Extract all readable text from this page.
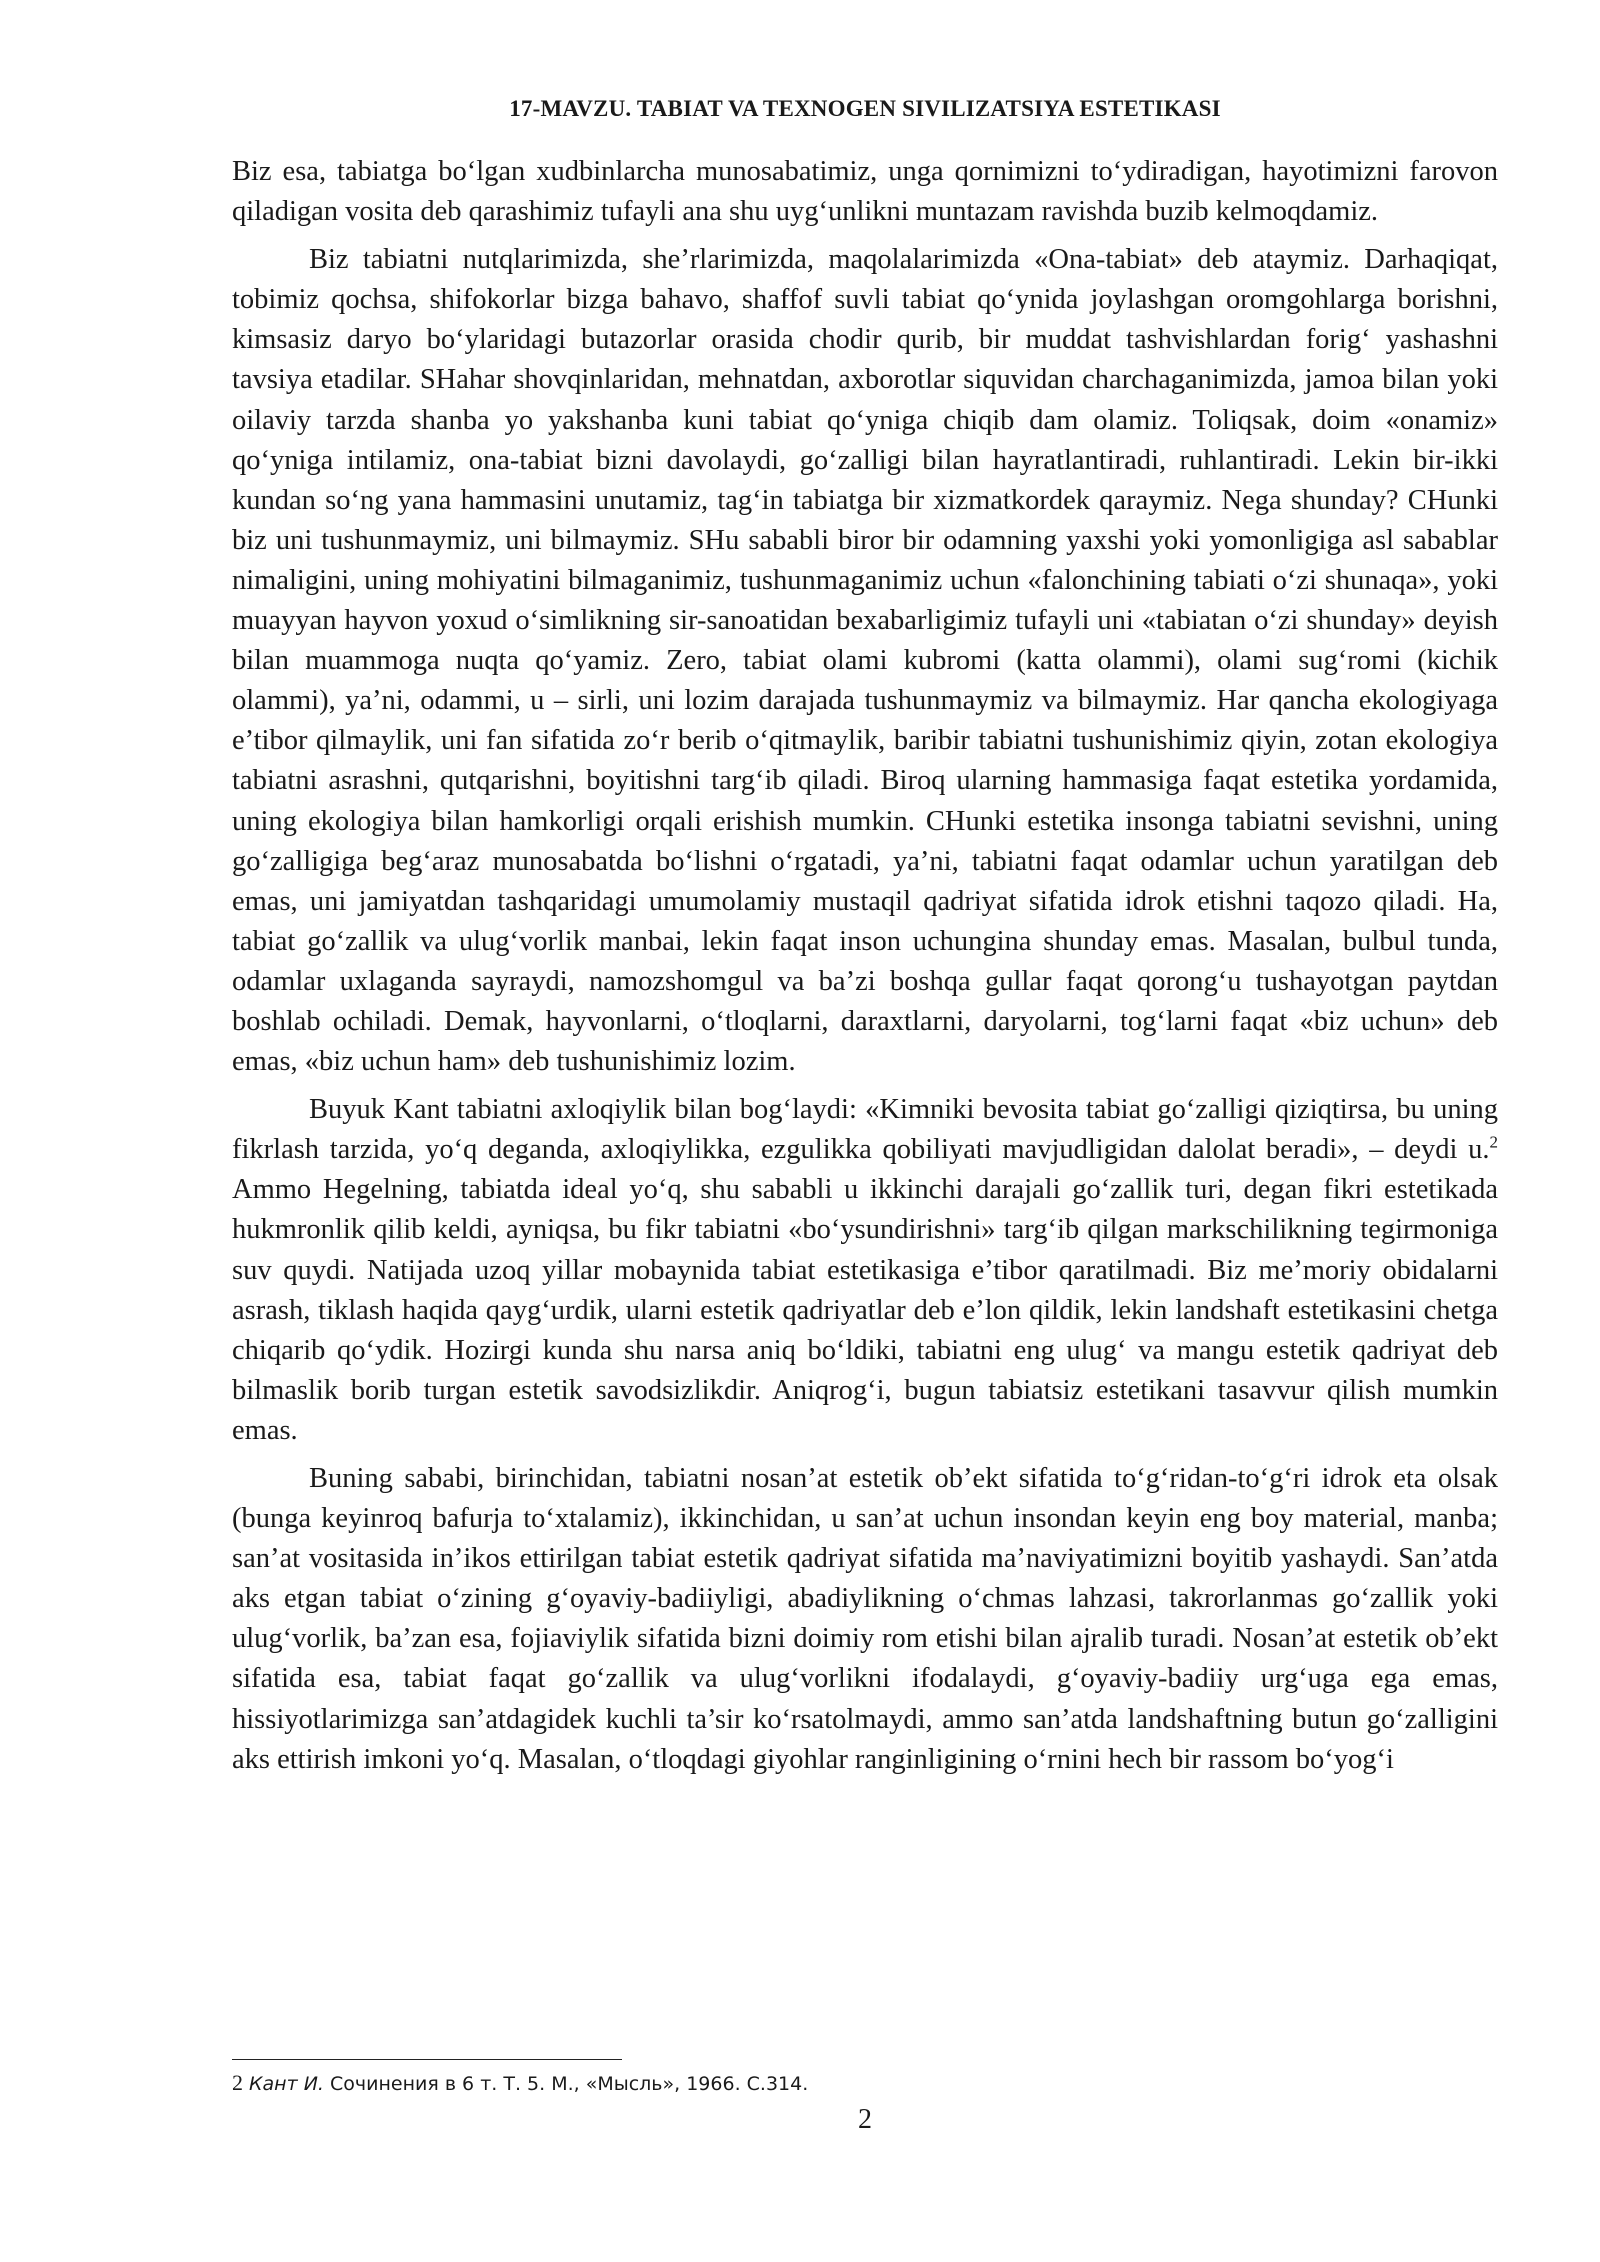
17-MAVZU. TABIAT VA TEXNOGEN SIVILIZATSIYA ESTETIKASI

Biz esa, tabiatga bo‘lgan xudbinlarcha munosabatimiz, unga qornimizni to‘ydiradigan, hayotimizni farovon qiladigan vosita deb qarashimiz tufayli ana shu uyg‘unlikni muntazam ravishda buzib kelmoqdamiz.

Biz tabiatni nutqlarimizda, she’rlarimizda, maqolalarimizda «Ona-tabiat» deb ataymiz. Darhaqiqat, tobimiz qochsa, shifokorlar bizga bahavo, shaffof suvli tabiat qo‘ynida joylashgan oromgohlarga borishni, kimsasiz daryo bo‘ylaridagi butazorlar orasida chodir qurib, bir muddat tashvishlardan forig‘ yashashni tavsiya etadilar. SHahar shovqinlaridan, mehnatdan, axborotlar siquvidan charchaganimizda, jamoa bilan yoki oilaviy tarzda shanba yo yakshanba kuni tabiat qo‘yniga chiqib dam olamiz. Toliqsak, doim «onamiz» qo‘yniga intilamiz, ona-tabiat bizni davolaydi, go‘zalligi bilan hayratlantiradi, ruhlantiradi. Lekin bir-ikki kundan so‘ng yana hammasini unutamiz, tag‘in tabiatga bir xizmatkordek qaraymiz. Nega shunday? CHunki biz uni tushunmaymiz, uni bilmaymiz. SHu sababli biror bir odamning yaxshi yoki yomonligiga asl sabablar nimaligini, uning mohiyatini bilmaganimiz, tushunmaganimiz uchun «falonchining tabiati o‘zi shunaqa», yoki muayyan hayvon yoxud o‘simlikning sir-sanoatidan bexabarligimiz tufayli uni «tabiatan o‘zi shunday» deyish bilan muammoga nuqta qo‘yamiz. Zero, tabiat olami kubromi (katta olammi), olami sug‘romi (kichik olammi), ya’ni, odammi, u – sirli, uni lozim darajada tushunmaymiz va bilmaymiz. Har qancha ekologiyaga e’tibor qilmaylik, uni fan sifatida zo‘r berib o‘qitmaylik, baribir tabiatni tushunishimiz qiyin, zotan ekologiya tabiatni asrashni, qutqarishni, boyitishni targ‘ib qiladi. Biroq ularning hammasiga faqat estetika yordamida, uning ekologiya bilan hamkorligi orqali erishish mumkin. CHunki estetika insonga tabiatni sevishni, uning go‘zalligiga beg‘araz munosabatda bo‘lishni o‘rgatadi, ya’ni, tabiatni faqat odamlar uchun yaratilgan deb emas, uni jamiyatdan tashqaridagi umumolamiy mustaqil qadriyat sifatida idrok etishni taqozo qiladi. Ha, tabiat go‘zallik va ulug‘vorlik manbai, lekin faqat inson uchungina shunday emas. Masalan, bulbul tunda, odamlar uxlaganda sayraydi, namozshomgul va ba’zi boshqa gullar faqat qorong‘u tushayotgan paytdan boshlab ochiladi. Demak, hayvonlarni, o‘tloqlarni, daraxtlarni, daryolarni, tog‘larni faqat «biz uchun» deb emas, «biz uchun ham» deb tushunishimiz lozim.

Buyuk Kant tabiatni axloqiylik bilan bog‘laydi: «Kimniki bevosita tabiat go‘zalligi qiziqtirsa, bu uning fikrlash tarzida, yo‘q deganda, axloqiylikka, ezgulikka qobiliyati mavjudligidan dalolat beradi», – deydi u.$^2$ Ammo Hegelning, tabiatda ideal yo‘q, shu sababli u ikkinchi darajali go‘zallik turi, degan fikri estetikada hukmronlik qilib keldi, ayniqsa, bu fikr tabiatni «bo‘ysundirishni» targ‘ib qilgan markschilikning tegirmoniga suv quydi. Natijada uzoq yillar mobaynida tabiat estetikasiga e’tibor qaratilmadi. Biz me’moriy obidalarni asrash, tiklash haqida qayg‘urdik, ularni estetik qadriyatlar deb e’lon qildik, lekin landshaft estetikasini chetga chiqarib qo‘ydik. Hozirgi kunda shu narsa aniq bo‘ldiki, tabiatni eng ulug‘ va mangu estetik qadriyat deb bilmaslik borib turgan estetik savodsizlikdir. Aniqrog‘i, bugun tabiatsiz estetikani tasavvur qilish mumkin emas.

Buning sababi, birinchidan, tabiatni nosan’at estetik ob’ekt sifatida to‘g‘ridan-to‘g‘ri idrok eta olsak (bunga keyinroq bafurja to‘xtalamiz), ikkinchidan, u san’at uchun insondan keyin eng boy material, manba; san’at vositasida in’ikos ettirilgan tabiat estetik qadriyat sifatida ma’naviyatimizni boyitib yashaydi. San’atda aks etgan tabiat o‘zining g‘oyaviy-badiiyligi, abadiylikning o‘chmas lahzasi, takrorlanmas go‘zallik yoki ulug‘vorlik, ba’zan esa, fojiaviylik sifatida bizni doimiy rom etishi bilan ajralib turadi. Nosan’at estetik ob’ekt sifatida esa, tabiat faqat go‘zallik va ulug‘vorlikni ifodalaydi, g‘oyaviy-badiiy urg‘uga ega emas, hissiyotlarimizga san’atdagidek kuchli ta’sir ko‘rsatolmaydi, ammo san’atda landshaftning butun go‘zalligini aks ettirish imkoni yo‘q. Masalan, o‘tloqdagi giyohlar ranginligining o‘rnini hech bir rassom bo‘yog‘i

2 Кант И. Сочинения в 6 т. Т. 5. М., «Мысль», 1966. С.314.
2
